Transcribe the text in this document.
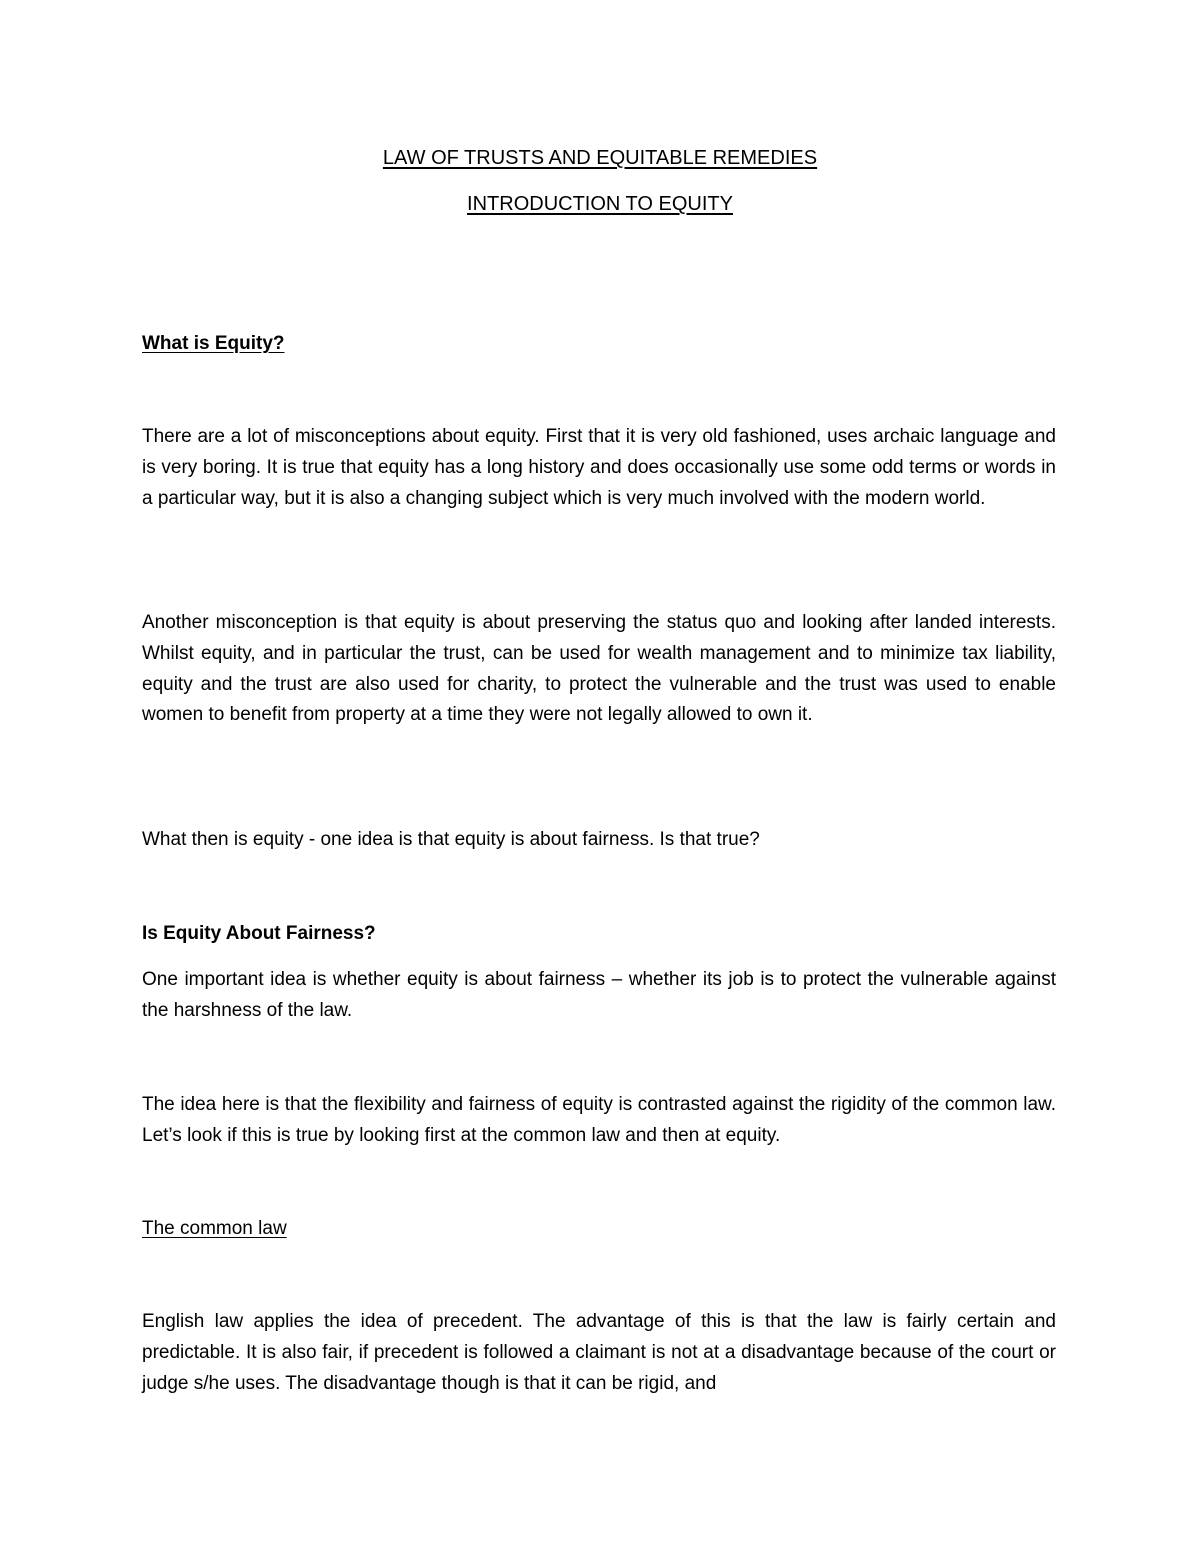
LAW OF TRUSTS AND EQUITABLE REMEDIES
INTRODUCTION TO EQUITY
What is Equity?

There are a lot of misconceptions about equity. First that it is very old fashioned, uses archaic language and is very boring. It is true that equity has a long history and does occasionally use some odd terms or words in a particular way, but it is also a changing subject which is very much involved with the modern world.

Another misconception is that equity is about preserving the status quo and looking after landed interests. Whilst equity, and in particular the trust, can be used for wealth management and to minimize tax liability, equity and the trust are also used for charity, to protect the vulnerable and the trust was used to enable women to benefit from property at a time they were not legally allowed to own it.

What then is equity - one idea is that equity is about fairness. Is that true?

Is Equity About Fairness?

One important idea is whether equity is about fairness – whether its job is to protect the vulnerable against the harshness of the law.

The idea here is that the flexibility and fairness of equity is contrasted against the rigidity of the common law. Let’s look if this is true by looking first at the common law and then at equity.

The common law

English law applies the idea of precedent. The advantage of this is that the law is fairly certain and predictable. It is also fair, if precedent is followed a claimant is not at a disadvantage because of the court or judge s/he uses. The disadvantage though is that it can be rigid, and
